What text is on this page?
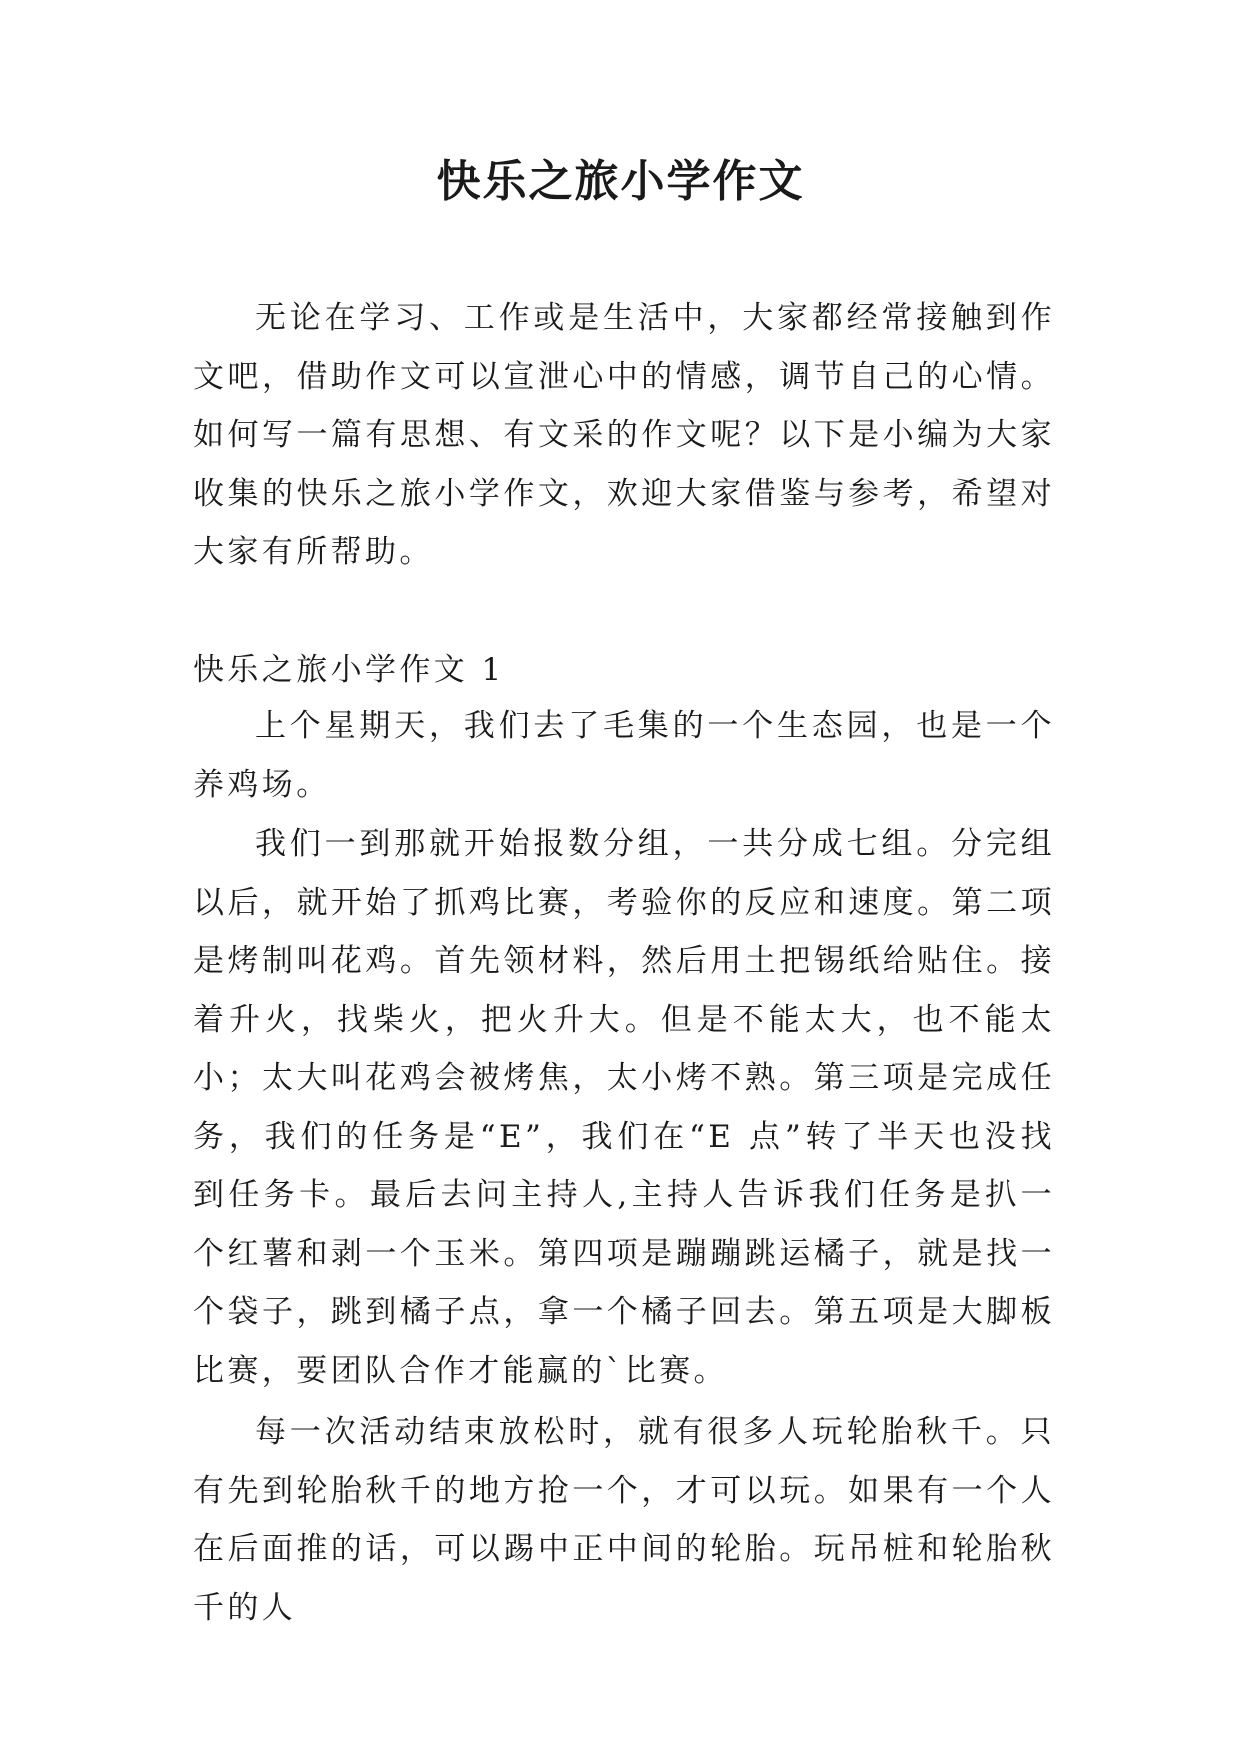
快乐之旅小学作文

无论在学习、工作或是生活中，大家都经常接触到作文吧，借助作文可以宣泄心中的情感，调节自己的心情。如何写一篇有思想、有文采的作文呢？以下是小编为大家收集的快乐之旅小学作文，欢迎大家借鉴与参考，希望对大家有所帮助。

快乐之旅小学作文 1

上个星期天，我们去了毛集的一个生态园，也是一个养鸡场。

我们一到那就开始报数分组，一共分成七组。分完组以后，就开始了抓鸡比赛，考验你的反应和速度。第二项是烤制叫花鸡。首先领材料，然后用土把锡纸给贴住。接着升火，找柴火，把火升大。但是不能太大，也不能太小；太大叫花鸡会被烤焦，太小烤不熟。第三项是完成任务，我们的任务是“E”，我们在“E 点”转了半天也没找到任务卡。最后去问主持人,主持人告诉我们任务是扒一个红薯和剥一个玉米。第四项是蹦蹦跳运橘子，就是找一个袋子，跳到橘子点，拿一个橘子回去。第五项是大脚板比赛，要团队合作才能赢的`比赛。

每一次活动结束放松时，就有很多人玩轮胎秋千。只有先到轮胎秋千的地方抢一个，才可以玩。如果有一个人在后面推的话，可以踢中正中间的轮胎。玩吊桩和轮胎秋千的人
